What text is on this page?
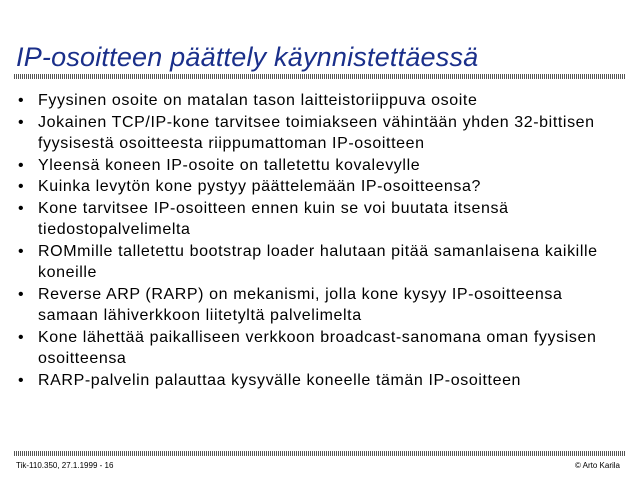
IP-osoitteen päättely käynnistettäessä
• Fyysinen osoite on matalan tason laitteistoriippuva osoite
• Jokainen TCP/IP-kone tarvitsee toimiakseen vähintään yhden 32-bittisen fyysisestä osoitteesta riippumattoman IP-osoitteen
• Yleensä koneen IP-osoite on talletettu kovalevylle
• Kuinka levytön kone pystyy päättelemään IP-osoitteensa?
• Kone tarvitsee IP-osoitteen ennen kuin se voi buutata itsensä tiedostopalvelimelta
• ROMmille talletettu bootstrap loader halutaan pitää samanlaisena kaikille koneille
• Reverse ARP (RARP) on mekanismi, jolla kone kysyy IP-osoitteensa samaan lähiverkkoon liitetyltä palvelimelta
• Kone lähettää paikalliseen verkkoon broadcast-sanomana oman fyysisen osoitteensa
• RARP-palvelin palauttaa kysyvälle koneelle tämän IP-osoitteen
Tik-110.350, 27.1.1999 - 16	© Arto Karila
